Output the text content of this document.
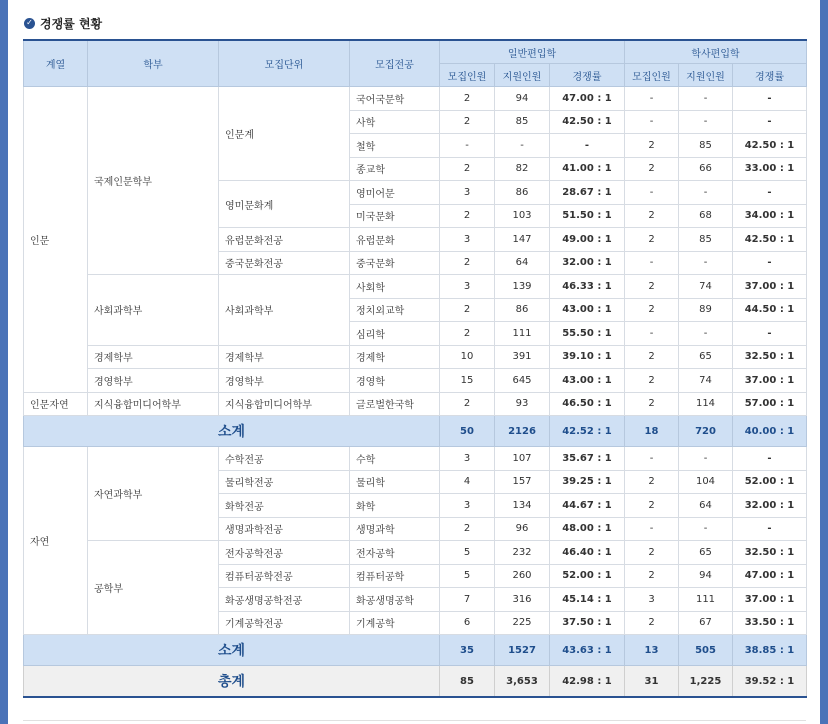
✓ 경쟁률 현황
계열	학부	모집단위	모집전공	일반편입학			학사편입학		
				모집인원	지원인원	경쟁률	모집인원	지원인원	경쟁률
인문	국제인문학부	인문계	국어국문학	2	94	47.00 : 1	-	-	-
			사학	2	85	42.50 : 1	-	-	-
			철학	-	-	-	2	85	42.50 : 1
			종교학	2	82	41.00 : 1	2	66	33.00 : 1
		영미문화계	영미어문	3	86	28.67 : 1	-	-	-
			미국문화	2	103	51.50 : 1	2	68	34.00 : 1
		유럽문화전공	유럽문화	3	147	49.00 : 1	2	85	42.50 : 1
		중국문화전공	중국문화	2	64	32.00 : 1	-	-	-
	사회과학부	사회과학부	사회학	3	139	46.33 : 1	2	74	37.00 : 1
			정치외교학	2	86	43.00 : 1	2	89	44.50 : 1
			심리학	2	111	55.50 : 1	-	-	-
	경제학부	경제학부	경제학	10	391	39.10 : 1	2	65	32.50 : 1
	경영학부	경영학부	경영학	15	645	43.00 : 1	2	74	37.00 : 1
인문자연	지식융합미디어학부	지식융합미디어학부	글로벌한국학	2	93	46.50 : 1	2	114	57.00 : 1
소계				50	2126	42.52 : 1	18	720	40.00 : 1
자연	자연과학부	수학전공	수학	3	107	35.67 : 1	-	-	-
		물리학전공	물리학	4	157	39.25 : 1	2	104	52.00 : 1
		화학전공	화학	3	134	44.67 : 1	2	64	32.00 : 1
		생명과학전공	생명과학	2	96	48.00 : 1	-	-	-
	공학부	전자공학전공	전자공학	5	232	46.40 : 1	2	65	32.50 : 1
		컴퓨터공학전공	컴퓨터공학	5	260	52.00 : 1	2	94	47.00 : 1
		화공생명공학전공	화공생명공학	7	316	45.14 : 1	3	111	37.00 : 1
		기계공학전공	기계공학	6	225	37.50 : 1	2	67	33.50 : 1
소계				35	1527	43.63 : 1	13	505	38.85 : 1
총계				85	3,653	42.98 : 1	31	1,225	39.52 : 1
